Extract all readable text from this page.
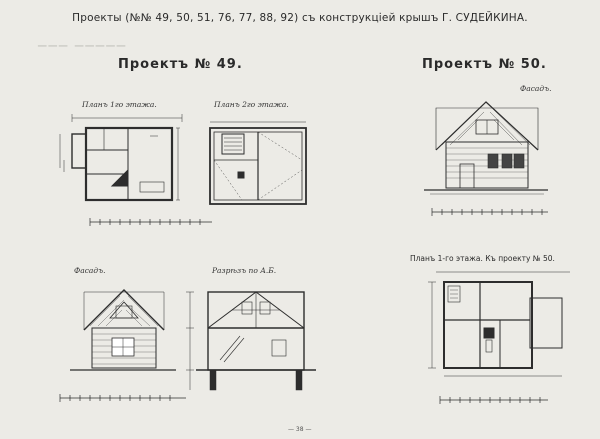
▁▁▁ ▁▁▁▁▁
Проекты (№№ 49, 50, 51, 76, 77, 88, 92) съ конструкціей крышъ Г. СУДЕЙКИНА.
Проектъ № 49.	Проектъ № 50.
Планъ 1го этажа.	Планъ 2го этажа.
Фасадъ.
Фасадъ.	Разрѣзъ по А.Б.
Планъ 1-го этажа. Къ проекту № 50.
— 38 —
